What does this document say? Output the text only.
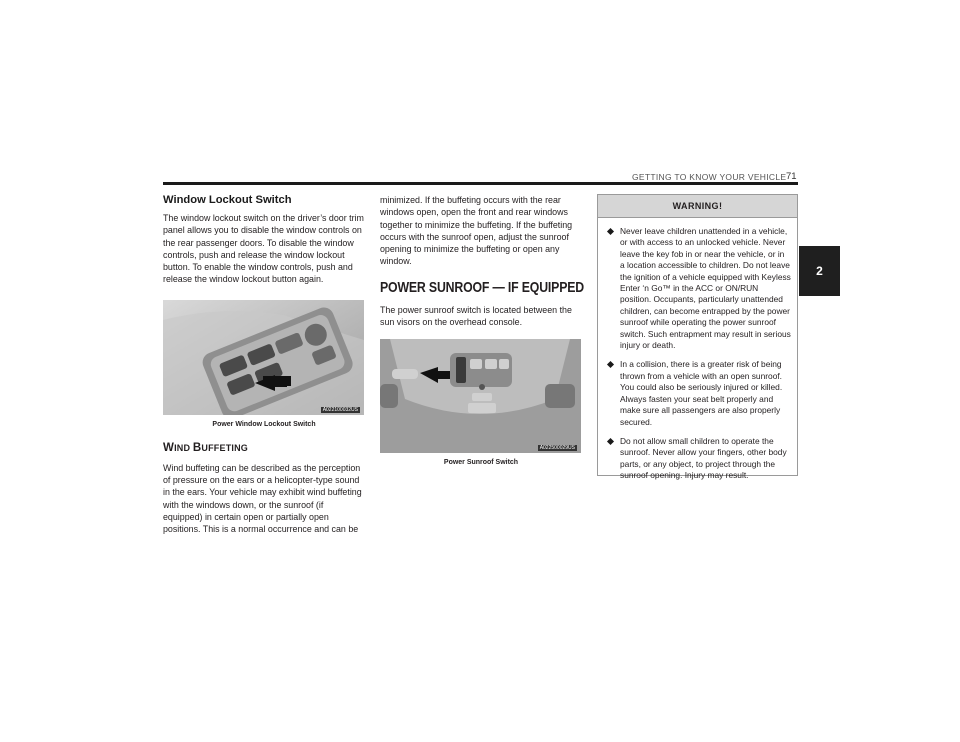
GETTING TO KNOW YOUR VEHICLE 71
2
Window Lockout Switch

The window lockout switch on the driver’s door trim panel allows you to disable the window controls on the rear passenger doors. To disable the window controls, push and release the window lockout button. To enable the window controls, push and release the window lockout button again.

A022100032US
Power Window Lockout Switch
WIND BUFFETING

Wind buffeting can be described as the perception of pressure on the ears or a helicopter-type sound in the ears. Your vehicle may exhibit wind buffeting with the windows down, or the sunroof (if equipped) in certain open or partially open positions. This is a normal occurrence and can be

minimized. If the buffeting occurs with the rear windows open, open the front and rear windows together to minimize the buffeting. If the buffeting occurs with the sunroof open, adjust the sunroof opening to minimize the buffeting or open any window.

POWER SUNROOF — IF EQUIPPED

The power sunroof switch is located between the sun visors on the overhead console.

A022500029US
Power Sunroof Switch
WARNING!
Never leave children unattended in a vehicle, or with access to an unlocked vehicle. Never leave the key fob in or near the vehicle, or in a location accessible to children. Do not leave the ignition of a vehicle equipped with Keyless Enter ‘n Go™ in the ACC or ON/RUN position. Occupants, particularly unattended children, can become entrapped by the power sunroof while operating the power sunroof switch. Such entrapment may result in serious injury or death.
In a collision, there is a greater risk of being thrown from a vehicle with an open sunroof. You could also be seriously injured or killed. Always fasten your seat belt properly and make sure all passengers are also properly secured.
Do not allow small children to operate the sunroof. Never allow your fingers, other body parts, or any object, to project through the sunroof opening. Injury may result.
